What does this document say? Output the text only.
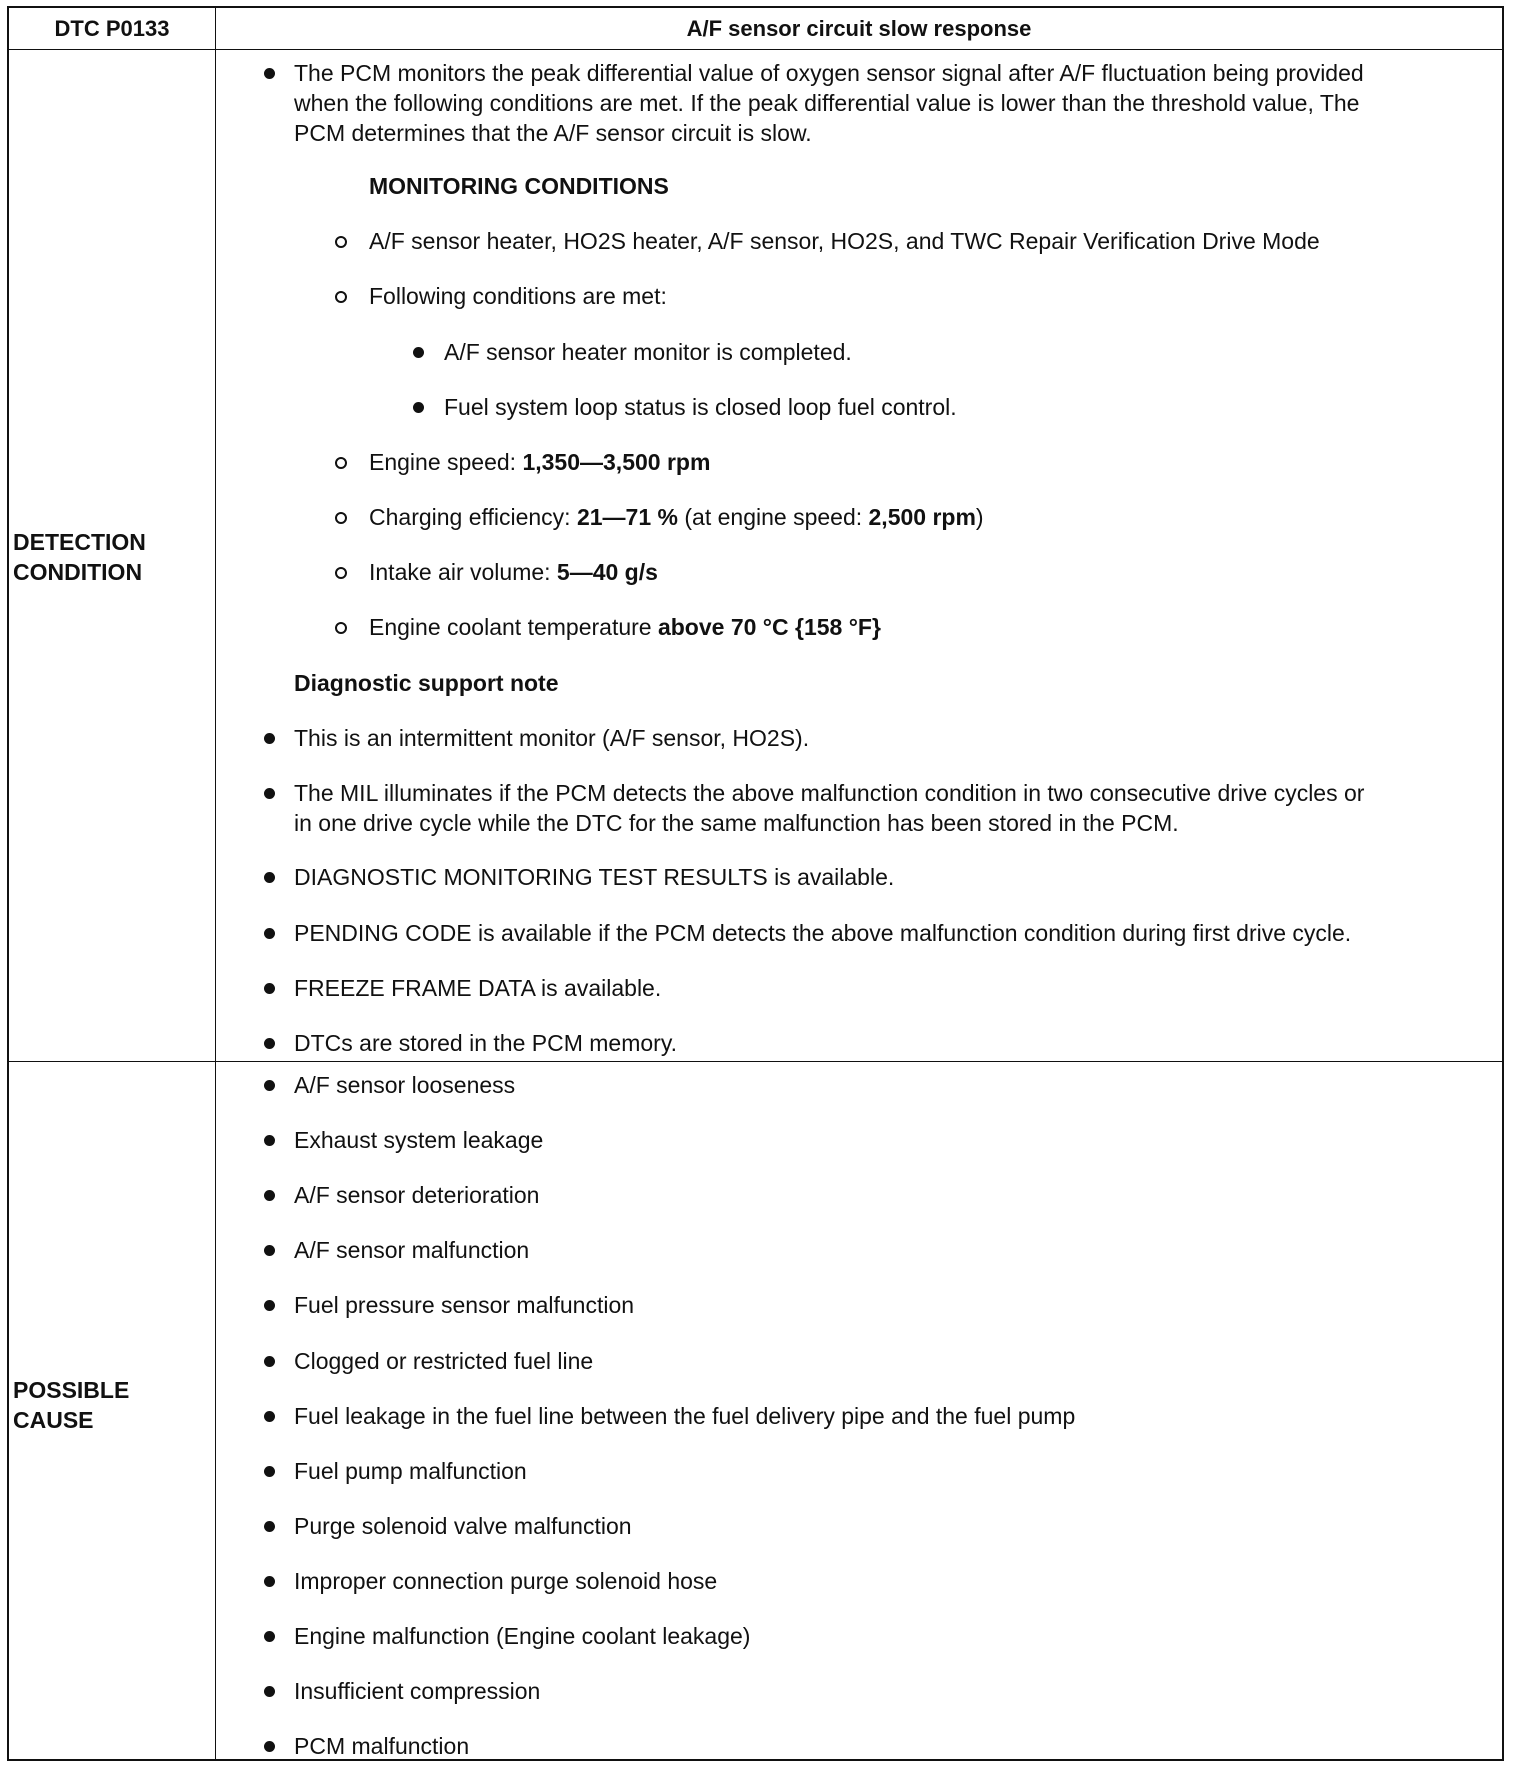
DTC P0133	A/F sensor circuit slow response
DETECTION
CONDITION
The PCM monitors the peak differential value of oxygen sensor signal after A/F fluctuation being provided
when the following conditions are met. If the peak differential value is lower than the threshold value, The
PCM determines that the A/F sensor circuit is slow.
MONITORING CONDITIONS
A/F sensor heater, HO2S heater, A/F sensor, HO2S, and TWC Repair Verification Drive Mode
Following conditions are met:
A/F sensor heater monitor is completed.
Fuel system loop status is closed loop fuel control.
Engine speed: 1,350—3,500 rpm
Charging efficiency: 21—71 % (at engine speed: 2,500 rpm)
Intake air volume: 5—40 g/s
Engine coolant temperature above 70 °C {158 °F}
Diagnostic support note
This is an intermittent monitor (A/F sensor, HO2S).
The MIL illuminates if the PCM detects the above malfunction condition in two consecutive drive cycles or
in one drive cycle while the DTC for the same malfunction has been stored in the PCM.
DIAGNOSTIC MONITORING TEST RESULTS is available.
PENDING CODE is available if the PCM detects the above malfunction condition during first drive cycle.
FREEZE FRAME DATA is available.
DTCs are stored in the PCM memory.
POSSIBLE
CAUSE
A/F sensor looseness
Exhaust system leakage
A/F sensor deterioration
A/F sensor malfunction
Fuel pressure sensor malfunction
Clogged or restricted fuel line
Fuel leakage in the fuel line between the fuel delivery pipe and the fuel pump
Fuel pump malfunction
Purge solenoid valve malfunction
Improper connection purge solenoid hose
Engine malfunction (Engine coolant leakage)
Insufficient compression
PCM malfunction
